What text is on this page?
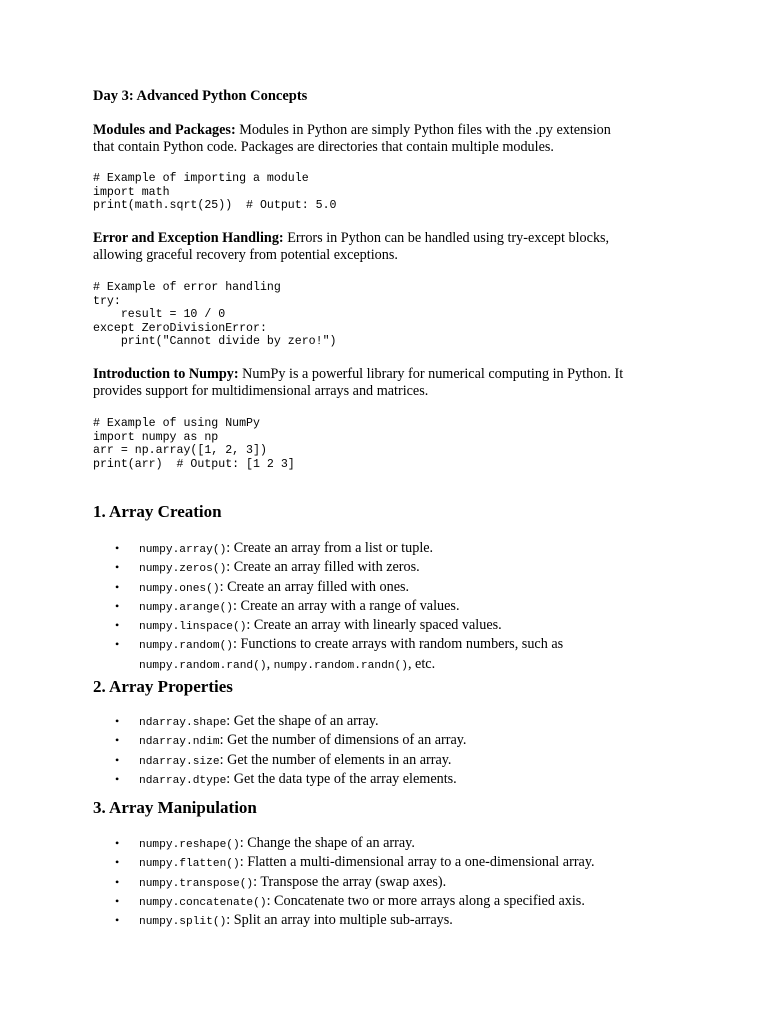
Day 3: Advanced Python Concepts

Modules and Packages: Modules in Python are simply Python files with the .py extension
that contain Python code. Packages are directories that contain multiple modules.

# Example of importing a module
import math
print(math.sqrt(25))  # Output: 5.0

Error and Exception Handling: Errors in Python can be handled using try-except blocks,
allowing graceful recovery from potential exceptions.

# Example of error handling
try:
result = 10 / 0
except ZeroDivisionError:
print("Cannot divide by zero!")

Introduction to Numpy: NumPy is a powerful library for numerical computing in Python. It
provides support for multidimensional arrays and matrices.

# Example of using NumPy
import numpy as np
arr = np.array([1, 2, 3])
print(arr)  # Output: [1 2 3]

1. Array Creation

• numpy.array(): Create an array from a list or tuple.
• numpy.zeros(): Create an array filled with zeros.
• numpy.ones(): Create an array filled with ones.
• numpy.arange(): Create an array with a range of values.
• numpy.linspace(): Create an array with linearly spaced values.
• numpy.random(): Functions to create arrays with random numbers, such as
numpy.random.rand(), numpy.random.randn(), etc.

2. Array Properties

• ndarray.shape: Get the shape of an array.
• ndarray.ndim: Get the number of dimensions of an array.
• ndarray.size: Get the number of elements in an array.
• ndarray.dtype: Get the data type of the array elements.

3. Array Manipulation

• numpy.reshape(): Change the shape of an array.
• numpy.flatten(): Flatten a multi-dimensional array to a one-dimensional array.
• numpy.transpose(): Transpose the array (swap axes).
• numpy.concatenate(): Concatenate two or more arrays along a specified axis.
• numpy.split(): Split an array into multiple sub-arrays.
